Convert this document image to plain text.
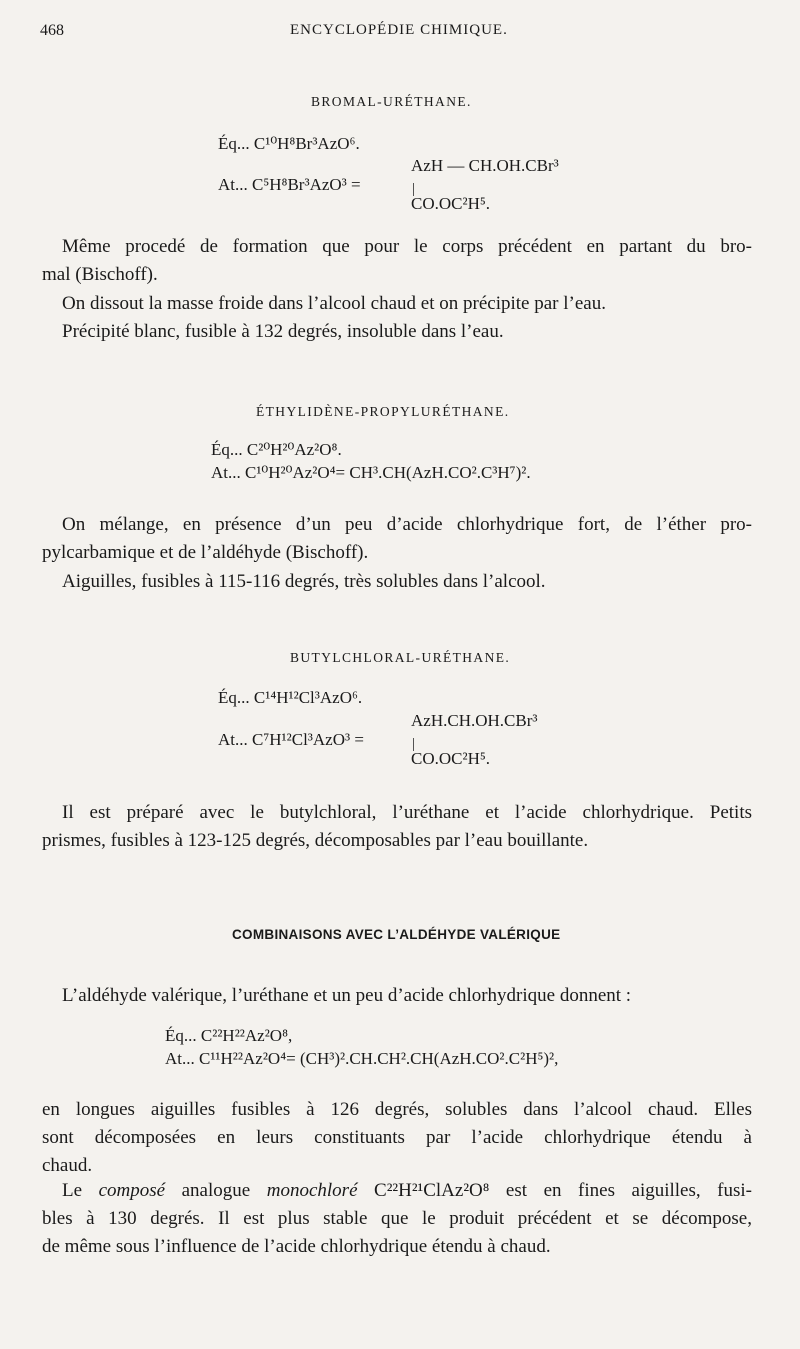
468	ENCYCLOPÉDIE CHIMIQUE.
BROMAL-URÉTHANE.
Éq... C¹⁰H⁸Br³AzO⁶.
AzH — CH.OH.CBr³
At... C⁵H⁸Br³AzO³ =	|
CO.OC²H⁵.
Même procedé de formation que pour le corps précédent en partant du bro-
mal (Bischoff).
On dissout la masse froide dans l’alcool chaud et on précipite par l’eau.
Précipité blanc, fusible à 132 degrés, insoluble dans l’eau.
ÉTHYLIDÈNE-PROPYLURÉTHANE.
Éq... C²⁰H²⁰Az²O⁸.
At... C¹⁰H²⁰Az²O⁴= CH³.CH(AzH.CO².C³H⁷)².
On mélange, en présence d’un peu d’acide chlorhydrique fort, de l’éther pro-
pylcarbamique et de l’aldéhyde (Bischoff).
Aiguilles, fusibles à 115-116 degrés, très solubles dans l’alcool.
BUTYLCHLORAL-URÉTHANE.
Éq... C¹⁴H¹²Cl³AzO⁶.
AzH.CH.OH.CBr³
At... C⁷H¹²Cl³AzO³ =	|
CO.OC²H⁵.
Il est préparé avec le butylchloral, l’uréthane et l’acide chlorhydrique. Petits
prismes, fusibles à 123-125 degrés, décomposables par l’eau bouillante.
COMBINAISONS AVEC L’ALDÉHYDE VALÉRIQUE
L’aldéhyde valérique, l’uréthane et un peu d’acide chlorhydrique donnent :
Éq... C²²H²²Az²O⁸,
At... C¹¹H²²Az²O⁴= (CH³)².CH.CH².CH(AzH.CO².C²H⁵)²,
en longues aiguilles fusibles à 126 degrés, solubles dans l’alcool chaud. Elles
sont décomposées en leurs constituants par l’acide chlorhydrique étendu à
chaud.
Le composé analogue monochloré C²²H²¹ClAz²O⁸ est en fines aiguilles, fusi-
bles à 130 degrés. Il est plus stable que le produit précédent et se décompose,
de même sous l’influence de l’acide chlorhydrique étendu à chaud.
